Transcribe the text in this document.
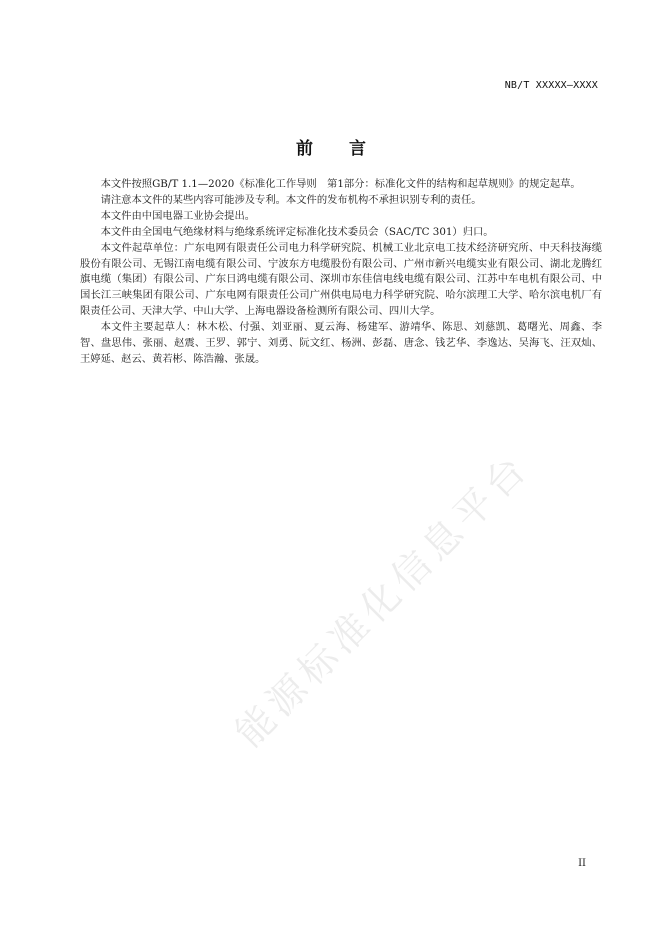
NB/T XXXXX—XXXX
前言

本文件按照GB/T 1.1—2020《标准化工作导则　第1部分：标准化文件的结构和起草规则》的规定起草。

请注意本文件的某些内容可能涉及专利。本文件的发布机构不承担识别专利的责任。

本文件由中国电器工业协会提出。

本文件由全国电气绝缘材料与绝缘系统评定标准化技术委员会（SAC/TC 301）归口。

本文件起草单位：广东电网有限责任公司电力科学研究院、机械工业北京电工技术经济研究所、中天科技海缆股份有限公司、无锡江南电缆有限公司、宁波东方电缆股份有限公司、广州市新兴电缆实业有限公司、湖北龙腾红旗电缆（集团）有限公司、广东日鸿电缆有限公司、深圳市东佳信电线电缆有限公司、江苏中车电机有限公司、中国长江三峡集团有限公司、广东电网有限责任公司广州供电局电力科学研究院、哈尔滨理工大学、哈尔滨电机厂有限责任公司、天津大学、中山大学、上海电器设备检测所有限公司、四川大学。

本文件主要起草人：林木松、付强、刘亚丽、夏云海、杨建军、游靖华、陈思、刘慈凯、葛曙光、周鑫、李智、盘思伟、张丽、赵震、王罗、郭宁、刘勇、阮文红、杨洲、彭磊、唐念、钱艺华、李逸达、吴海飞、汪双灿、王婷延、赵云、黄若彬、陈浩瀚、张晟。

能源标准化信息平台
II
